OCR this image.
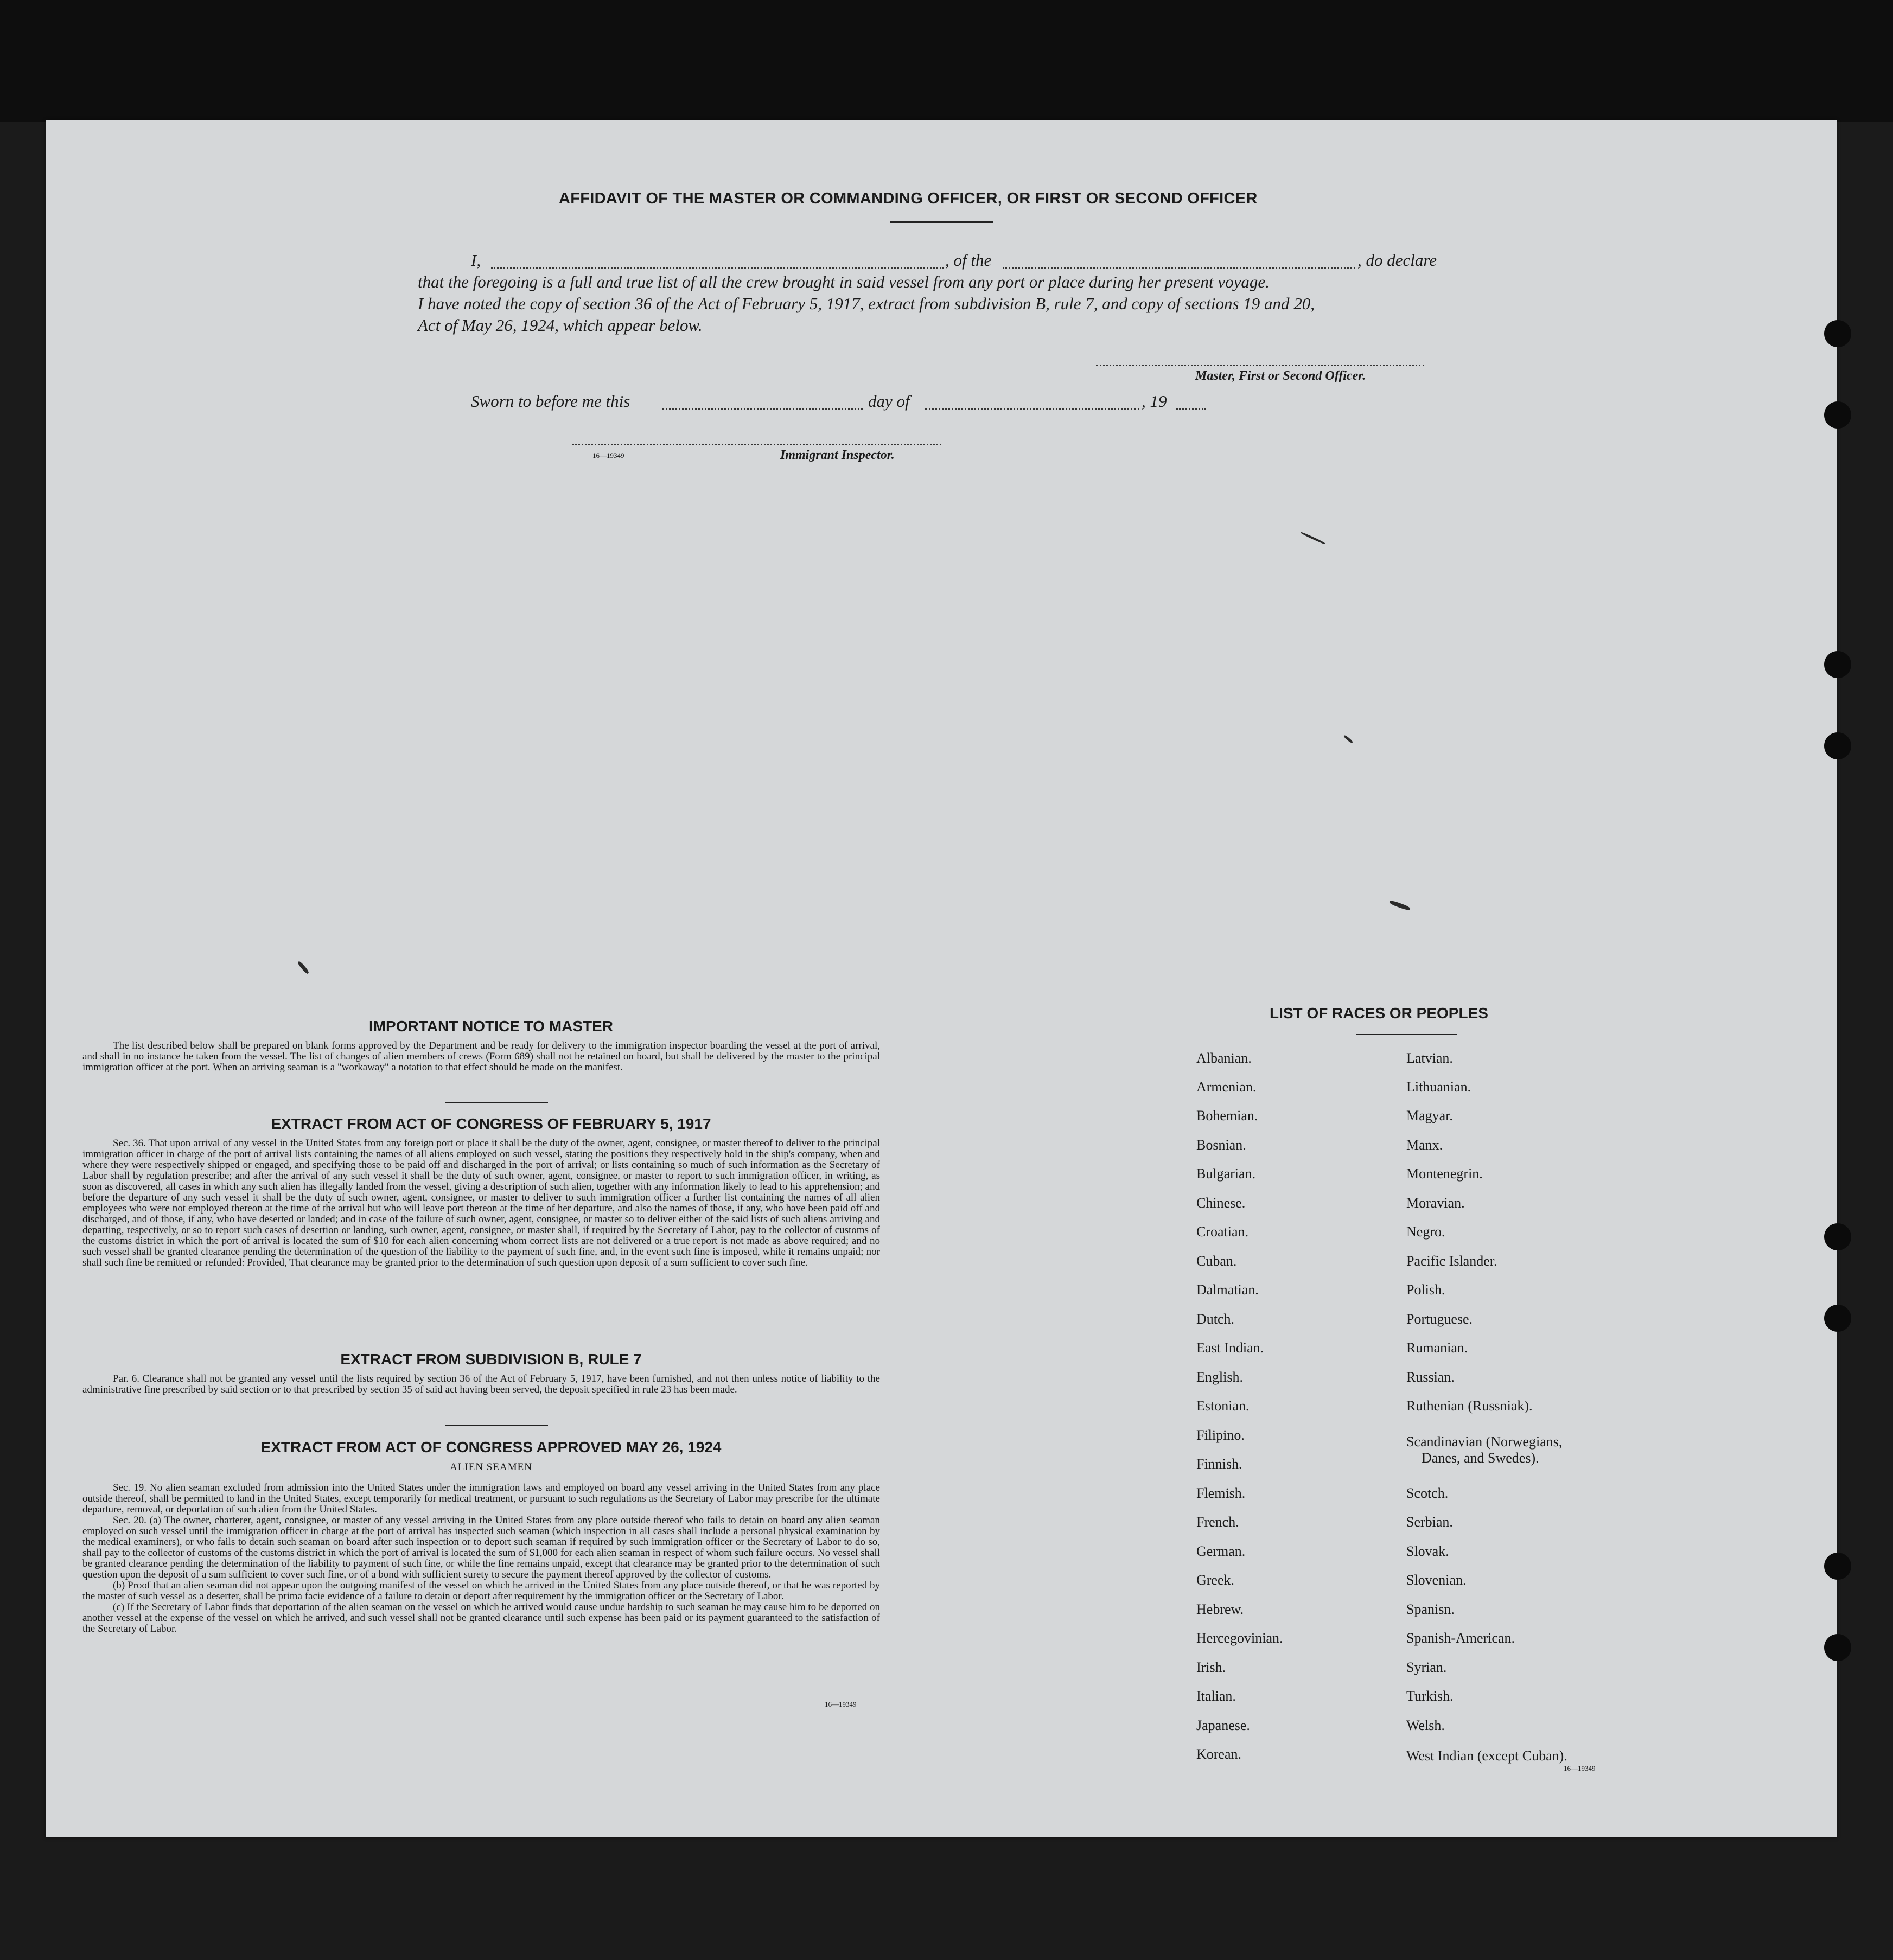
AFFIDAVIT OF THE MASTER OR COMMANDING OFFICER, OR FIRST OR SECOND OFFICER
I,	, of the	, do declare
that the foregoing is a full and true list of all the crew brought in said vessel from any port or place during her present voyage.
I have noted the copy of section 36 of the Act of February 5, 1917, extract from subdivision B, rule 7, and copy of sections 19 and 20,
Act of May 26, 1924, which appear below.
Master, First or Second Officer.
Sworn to before me this	day of	, 19
16—19349	Immigrant Inspector.
IMPORTANT NOTICE TO MASTER

The list described below shall be prepared on blank forms approved by the Department and be ready for delivery to the immigration inspector boarding the vessel at the port of arrival, and shall in no instance be taken from the vessel. The list of changes of alien members of crews (Form 689) shall not be retained on board, but shall be delivered by the master to the principal immigration officer at the port. When an arriving seaman is a "workaway" a notation to that effect should be made on the manifest.

EXTRACT FROM ACT OF CONGRESS OF FEBRUARY 5, 1917

Sec. 36. That upon arrival of any vessel in the United States from any foreign port or place it shall be the duty of the owner, agent, consignee, or master thereof to deliver to the principal immigration officer in charge of the port of arrival lists containing the names of all aliens employed on such vessel, stating the positions they respectively hold in the ship's company, when and where they were respectively shipped or engaged, and specifying those to be paid off and discharged in the port of arrival; or lists containing so much of such information as the Secretary of Labor shall by regulation prescribe; and after the arrival of any such vessel it shall be the duty of such owner, agent, consignee, or master to report to such immigration officer, in writing, as soon as discovered, all cases in which any such alien has illegally landed from the vessel, giving a description of such alien, together with any information likely to lead to his apprehension; and before the departure of any such vessel it shall be the duty of such owner, agent, consignee, or master to deliver to such immigration officer a further list containing the names of all alien employees who were not employed thereon at the time of the arrival but who will leave port thereon at the time of her departure, and also the names of those, if any, who have been paid off and discharged, and of those, if any, who have deserted or landed; and in case of the failure of such owner, agent, consignee, or master so to deliver either of the said lists of such aliens arriving and departing, respectively, or so to report such cases of desertion or landing, such owner, agent, consignee, or master shall, if required by the Secretary of Labor, pay to the collector of customs of the customs district in which the port of arrival is located the sum of $10 for each alien concerning whom correct lists are not delivered or a true report is not made as above required; and no such vessel shall be granted clearance pending the determination of the question of the liability to the payment of such fine, and, in the event such fine is imposed, while it remains unpaid; nor shall such fine be remitted or refunded: Provided, That clearance may be granted prior to the determination of such question upon deposit of a sum sufficient to cover such fine.

EXTRACT FROM SUBDIVISION B, RULE 7

Par. 6. Clearance shall not be granted any vessel until the lists required by section 36 of the Act of February 5, 1917, have been furnished, and not then unless notice of liability to the administrative fine prescribed by said section or to that prescribed by section 35 of said act having been served, the deposit specified in rule 23 has been made.

EXTRACT FROM ACT OF CONGRESS APPROVED MAY 26, 1924
ALIEN SEAMEN

Sec. 19. No alien seaman excluded from admission into the United States under the immigration laws and employed on board any vessel arriving in the United States from any place outside thereof, shall be permitted to land in the United States, except temporarily for medical treatment, or pursuant to such regulations as the Secretary of Labor may prescribe for the ultimate departure, removal, or deportation of such alien from the United States.
Sec. 20. (a) The owner, charterer, agent, consignee, or master of any vessel arriving in the United States from any place outside thereof who fails to detain on board any alien seaman employed on such vessel until the immigration officer in charge at the port of arrival has inspected such seaman (which inspection in all cases shall include a personal physical examination by the medical examiners), or who fails to detain such seaman on board after such inspection or to deport such seaman if required by such immigration officer or the Secretary of Labor to do so, shall pay to the collector of customs of the customs district in which the port of arrival is located the sum of $1,000 for each alien seaman in respect of whom such failure occurs. No vessel shall be granted clearance pending the determination of the liability to payment of such fine, or while the fine remains unpaid, except that clearance may be granted prior to the determination of such question upon the deposit of a sum sufficient to cover such fine, or of a bond with sufficient surety to secure the payment thereof approved by the collector of customs.
(b) Proof that an alien seaman did not appear upon the outgoing manifest of the vessel on which he arrived in the United States from any place outside thereof, or that he was reported by the master of such vessel as a deserter, shall be prima facie evidence of a failure to detain or deport after requirement by the immigration officer or the Secretary of Labor.
(c) If the Secretary of Labor finds that deportation of the alien seaman on the vessel on which he arrived would cause undue hardship to such seaman he may cause him to be deported on another vessel at the expense of the vessel on which he arrived, and such vessel shall not be granted clearance until such expense has been paid or its payment guaranteed to the satisfaction of the Secretary of Labor.

16—19349
LIST OF RACES OR PEOPLES
Albanian.
Armenian.
Bohemian.
Bosnian.
Bulgarian.
Chinese.
Croatian.
Cuban.
Dalmatian.
Dutch.
East Indian.
English.
Estonian.
Filipino.
Finnish.
Flemish.
French.
German.
Greek.
Hebrew.
Hercegovinian.
Irish.
Italian.
Japanese.
Korean.
Latvian.
Lithuanian.
Magyar.
Manx.
Montenegrin.
Moravian.
Negro.
Pacific Islander.
Polish.
Portuguese.
Rumanian.
Russian.
Ruthenian (Russniak).
Scandinavian (Norwegians,
Danes, and Swedes).
Scotch.
Serbian.
Slovak.
Slovenian.
Spanisn.
Spanish-American.
Syrian.
Turkish.
Welsh.
West Indian (except Cuban).
16—19349
